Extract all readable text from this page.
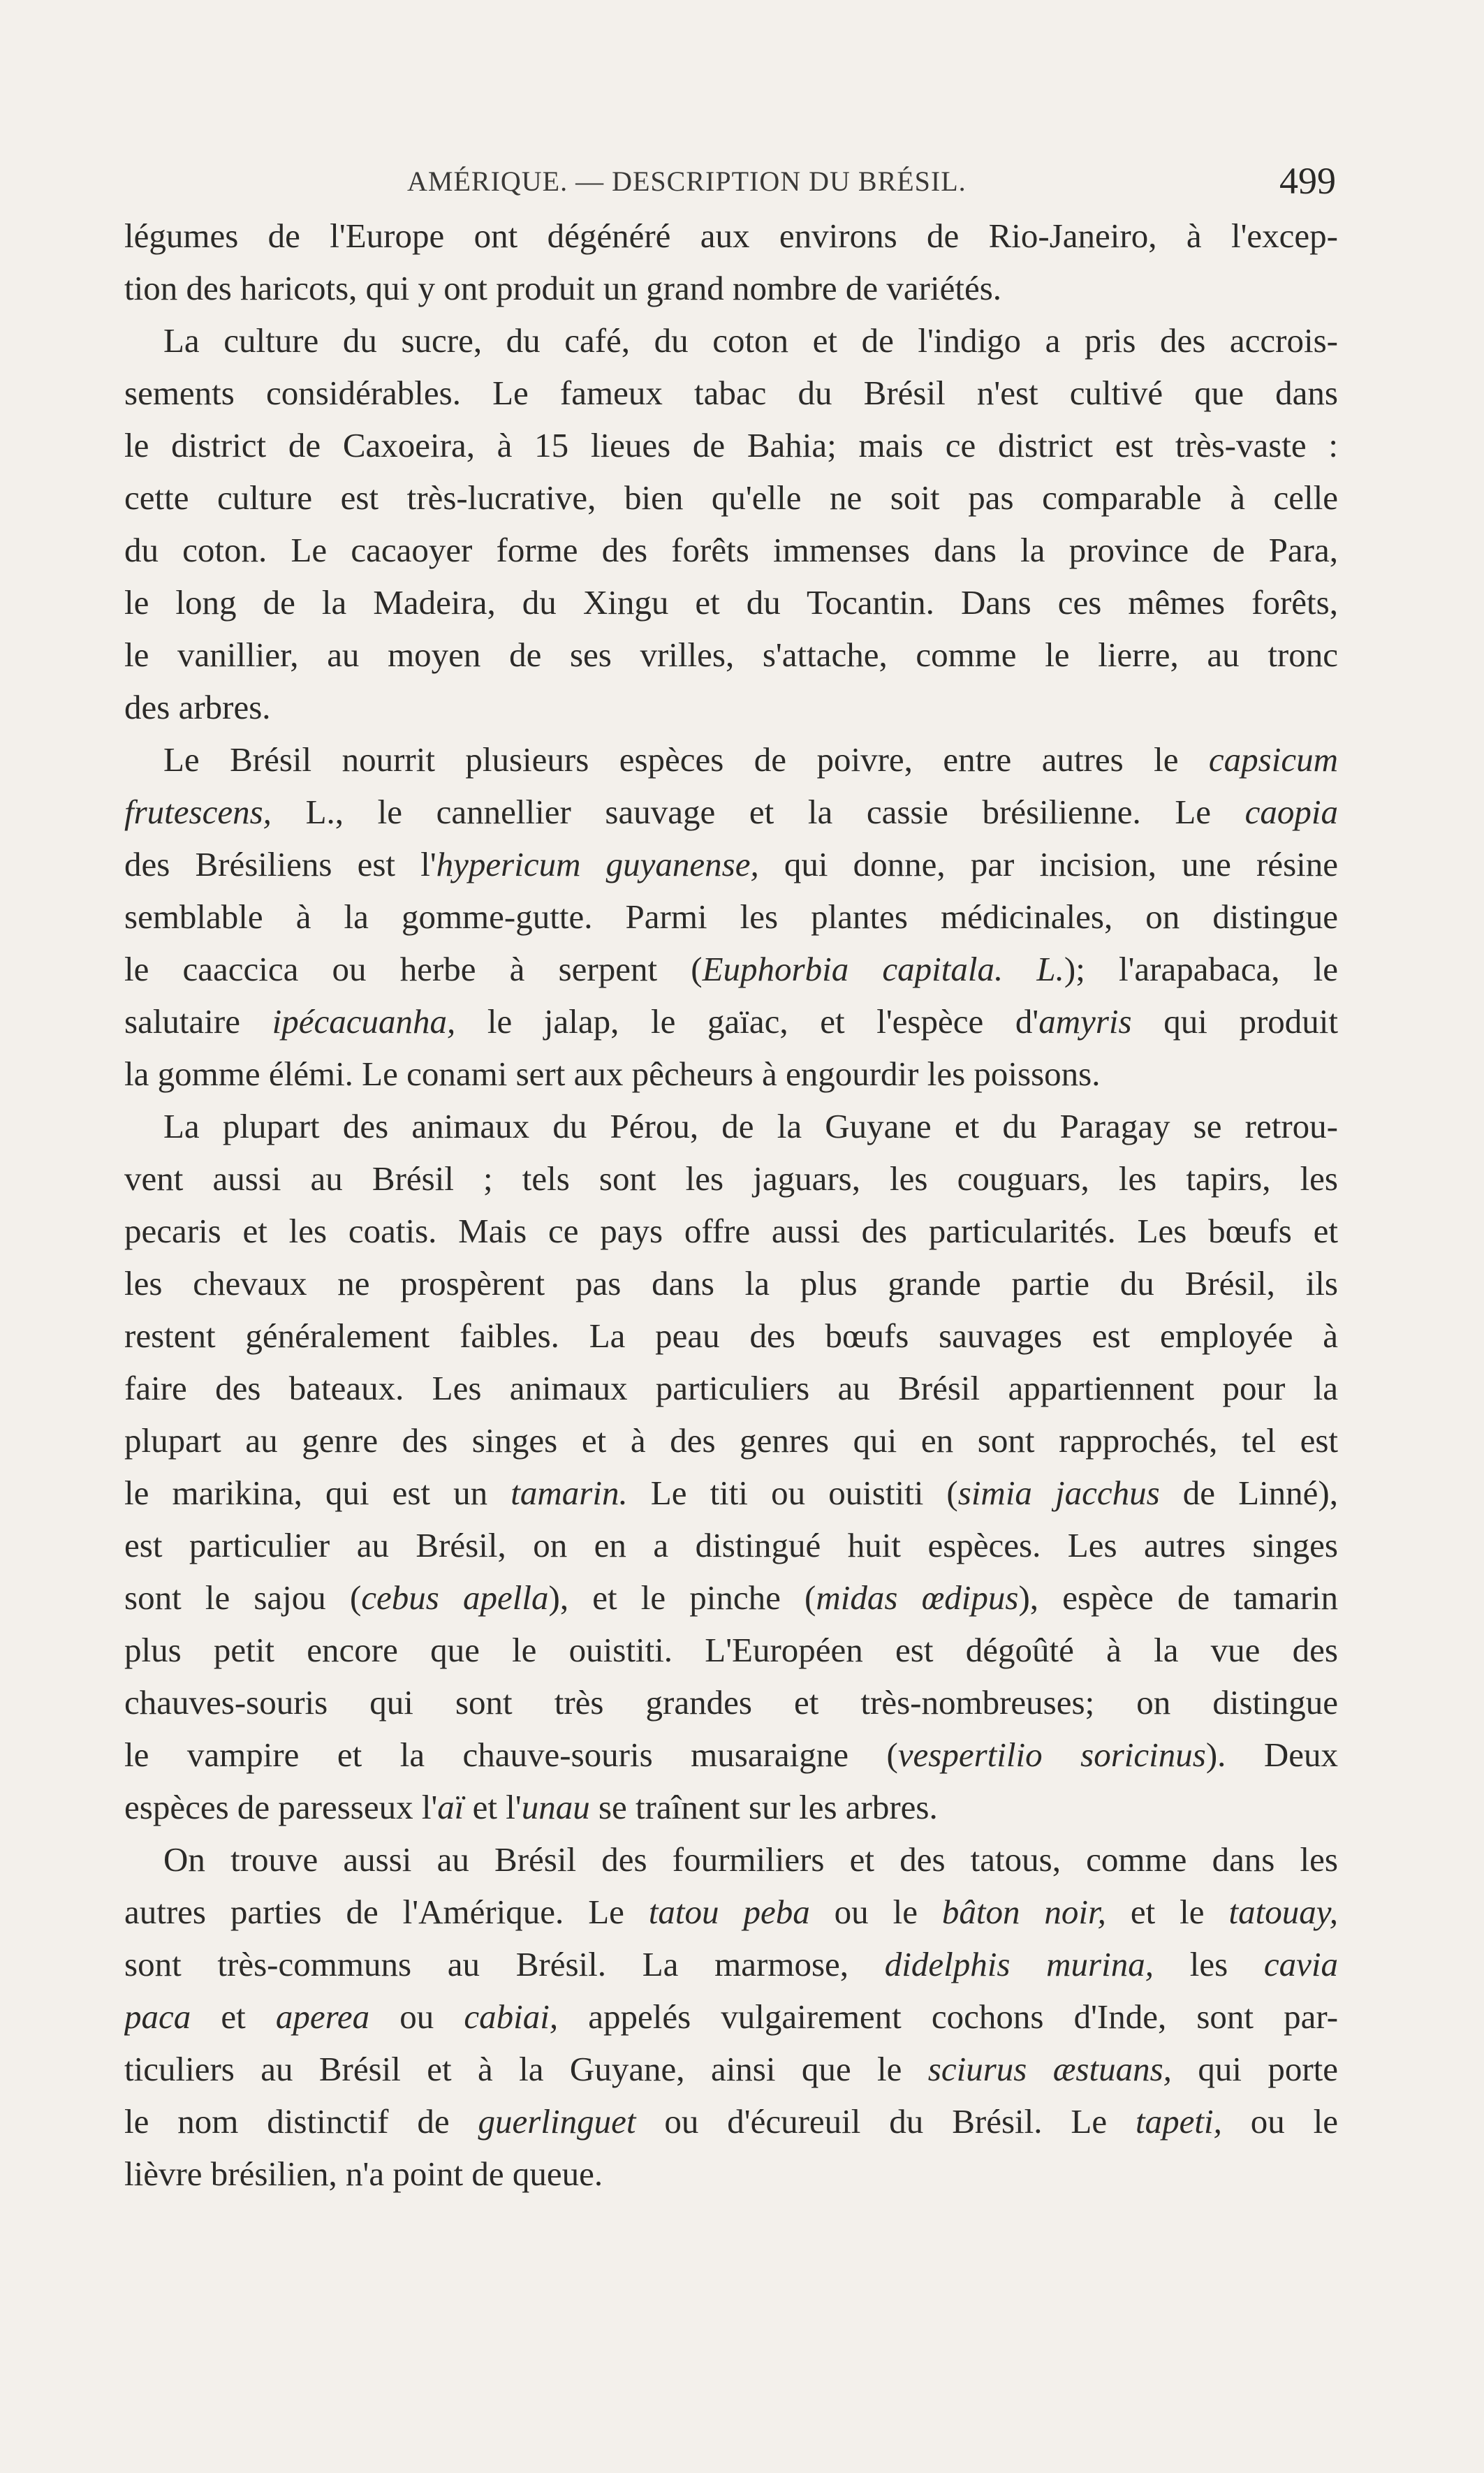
AMÉRIQUE. — DESCRIPTION DU BRÉSIL.	499
légumes de l'Europe ont dégénéré aux environs de Rio-Janeiro, à l'excep-
tion des haricots, qui y ont produit un grand nombre de variétés.
La culture du sucre, du café, du coton et de l'indigo a pris des accrois-
sements considérables. Le fameux tabac du Brésil n'est cultivé que dans
le district de Caxoeira, à 15 lieues de Bahia; mais ce district est très-vaste :
cette culture est très-lucrative, bien qu'elle ne soit pas comparable à celle
du coton. Le cacaoyer forme des forêts immenses dans la province de Para,
le long de la Madeira, du Xingu et du Tocantin. Dans ces mêmes forêts,
le vanillier, au moyen de ses vrilles, s'attache, comme le lierre, au tronc
des arbres.
Le Brésil nourrit plusieurs espèces de poivre, entre autres le capsicum
frutescens, L., le cannellier sauvage et la cassie brésilienne. Le caopia
des Brésiliens est l'hypericum guyanense, qui donne, par incision, une résine
semblable à la gomme-gutte. Parmi les plantes médicinales, on distingue
le caaccica ou herbe à serpent (Euphorbia capitala. L.); l'arapabaca, le
salutaire ipécacuanha, le jalap, le gaïac, et l'espèce d'amyris qui produit
la gomme élémi. Le conami sert aux pêcheurs à engourdir les poissons.
La plupart des animaux du Pérou, de la Guyane et du Paragay se retrou-
vent aussi au Brésil ; tels sont les jaguars, les couguars, les tapirs, les
pecaris et les coatis. Mais ce pays offre aussi des particularités. Les bœufs et
les chevaux ne prospèrent pas dans la plus grande partie du Brésil, ils
restent généralement faibles. La peau des bœufs sauvages est employée à
faire des bateaux. Les animaux particuliers au Brésil appartiennent pour la
plupart au genre des singes et à des genres qui en sont rapprochés, tel est
le marikina, qui est un tamarin. Le titi ou ouistiti (simia jacchus de Linné),
est particulier au Brésil, on en a distingué huit espèces. Les autres singes
sont le sajou (cebus apella), et le pinche (midas œdipus), espèce de tamarin
plus petit encore que le ouistiti. L'Européen est dégoûté à la vue des
chauves-souris qui sont très grandes et très-nombreuses; on distingue
le vampire et la chauve-souris musaraigne (vespertilio soricinus). Deux
espèces de paresseux l'aï et l'unau se traînent sur les arbres.
On trouve aussi au Brésil des fourmiliers et des tatous, comme dans les
autres parties de l'Amérique. Le tatou peba ou le bâton noir, et le tatouay,
sont très-communs au Brésil. La marmose, didelphis murina, les cavia
paca et aperea ou cabiai, appelés vulgairement cochons d'Inde, sont par-
ticuliers au Brésil et à la Guyane, ainsi que le sciurus æstuans, qui porte
le nom distinctif de guerlinguet ou d'écureuil du Brésil. Le tapeti, ou le
lièvre brésilien, n'a point de queue.
